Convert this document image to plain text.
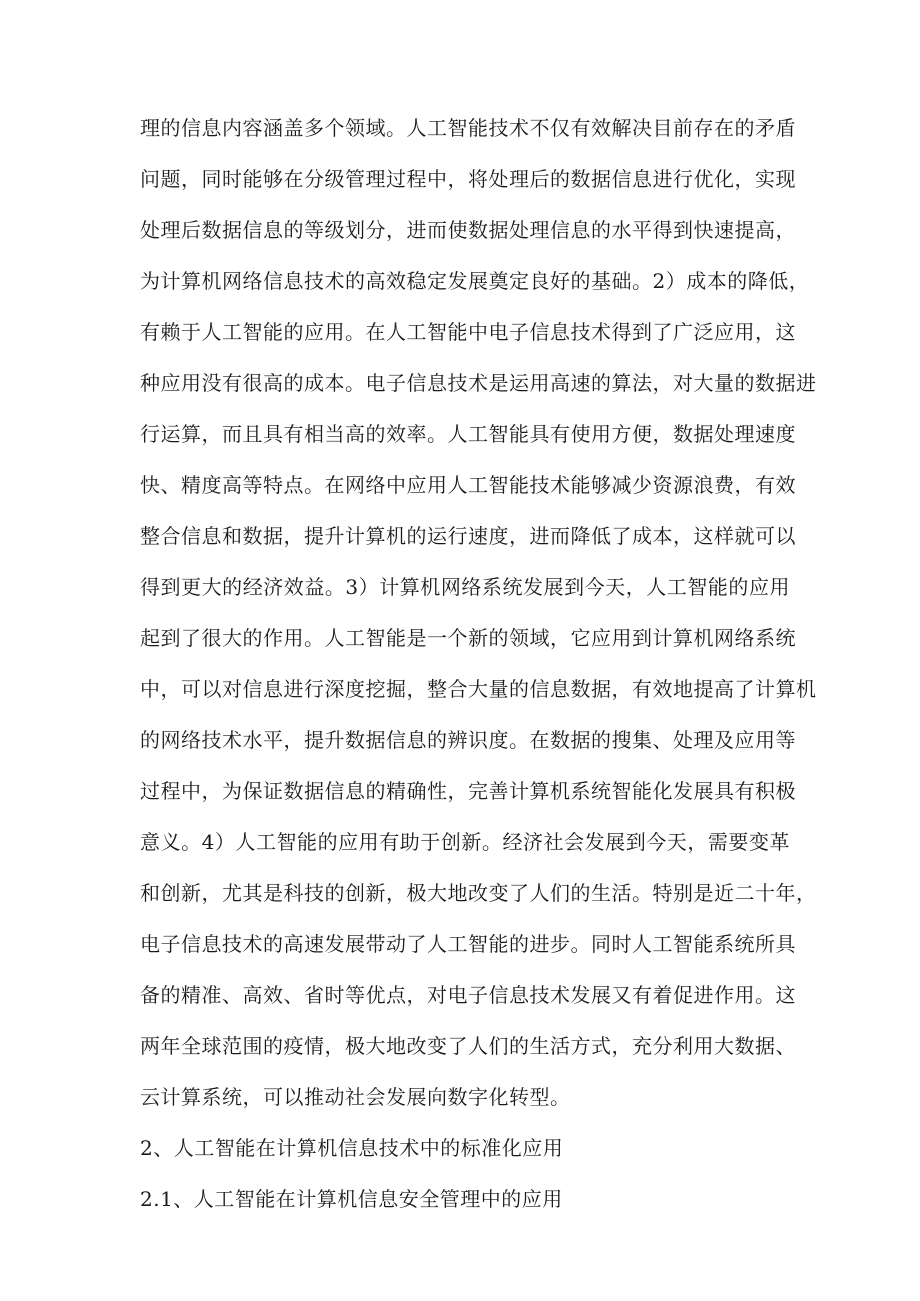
理的信息内容涵盖多个领域。人工智能技术不仅有效解决目前存在的矛盾
问题，同时能够在分级管理过程中，将处理后的数据信息进行优化，实现
处理后数据信息的等级划分，进而使数据处理信息的水平得到快速提高，
为计算机网络信息技术的高效稳定发展奠定良好的基础。2）成本的降低，
有赖于人工智能的应用。在人工智能中电子信息技术得到了广泛应用，这
种应用没有很高的成本。电子信息技术是运用高速的算法，对大量的数据进
行运算，而且具有相当高的效率。人工智能具有使用方便，数据处理速度
快、精度高等特点。在网络中应用人工智能技术能够减少资源浪费，有效
整合信息和数据，提升计算机的运行速度，进而降低了成本，这样就可以
得到更大的经济效益。3）计算机网络系统发展到今天，人工智能的应用
起到了很大的作用。人工智能是一个新的领域，它应用到计算机网络系统
中，可以对信息进行深度挖掘，整合大量的信息数据，有效地提高了计算机
的网络技术水平，提升数据信息的辨识度。在数据的搜集、处理及应用等
过程中，为保证数据信息的精确性，完善计算机系统智能化发展具有积极
意义。4）人工智能的应用有助于创新。经济社会发展到今天，需要变革
和创新，尤其是科技的创新，极大地改变了人们的生活。特别是近二十年，
电子信息技术的高速发展带动了人工智能的进步。同时人工智能系统所具
备的精准、高效、省时等优点，对电子信息技术发展又有着促进作用。这
两年全球范围的疫情，极大地改变了人们的生活方式，充分利用大数据、
云计算系统，可以推动社会发展向数字化转型。
2、人工智能在计算机信息技术中的标准化应用
2.1、人工智能在计算机信息安全管理中的应用
